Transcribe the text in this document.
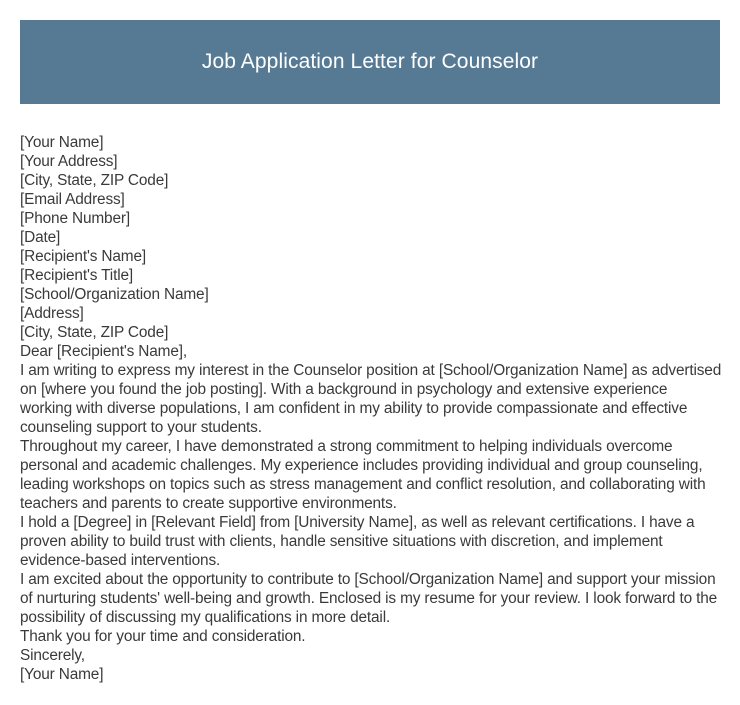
Job Application Letter for Counselor
[Your Name]
[Your Address]
[City, State, ZIP Code]
[Email Address]
[Phone Number]
[Date]
[Recipient's Name]
[Recipient's Title]
[School/Organization Name]
[Address]
[City, State, ZIP Code]
Dear [Recipient's Name],
I am writing to express my interest in the Counselor position at [School/Organization Name] as advertised on [where you found the job posting]. With a background in psychology and extensive experience working with diverse populations, I am confident in my ability to provide compassionate and effective counseling support to your students.
Throughout my career, I have demonstrated a strong commitment to helping individuals overcome personal and academic challenges. My experience includes providing individual and group counseling, leading workshops on topics such as stress management and conflict resolution, and collaborating with teachers and parents to create supportive environments.
I hold a [Degree] in [Relevant Field] from [University Name], as well as relevant certifications. I have a proven ability to build trust with clients, handle sensitive situations with discretion, and implement evidence-based interventions.
I am excited about the opportunity to contribute to [School/Organization Name] and support your mission of nurturing students' well-being and growth. Enclosed is my resume for your review. I look forward to the possibility of discussing my qualifications in more detail.
Thank you for your time and consideration.
Sincerely,
[Your Name]
